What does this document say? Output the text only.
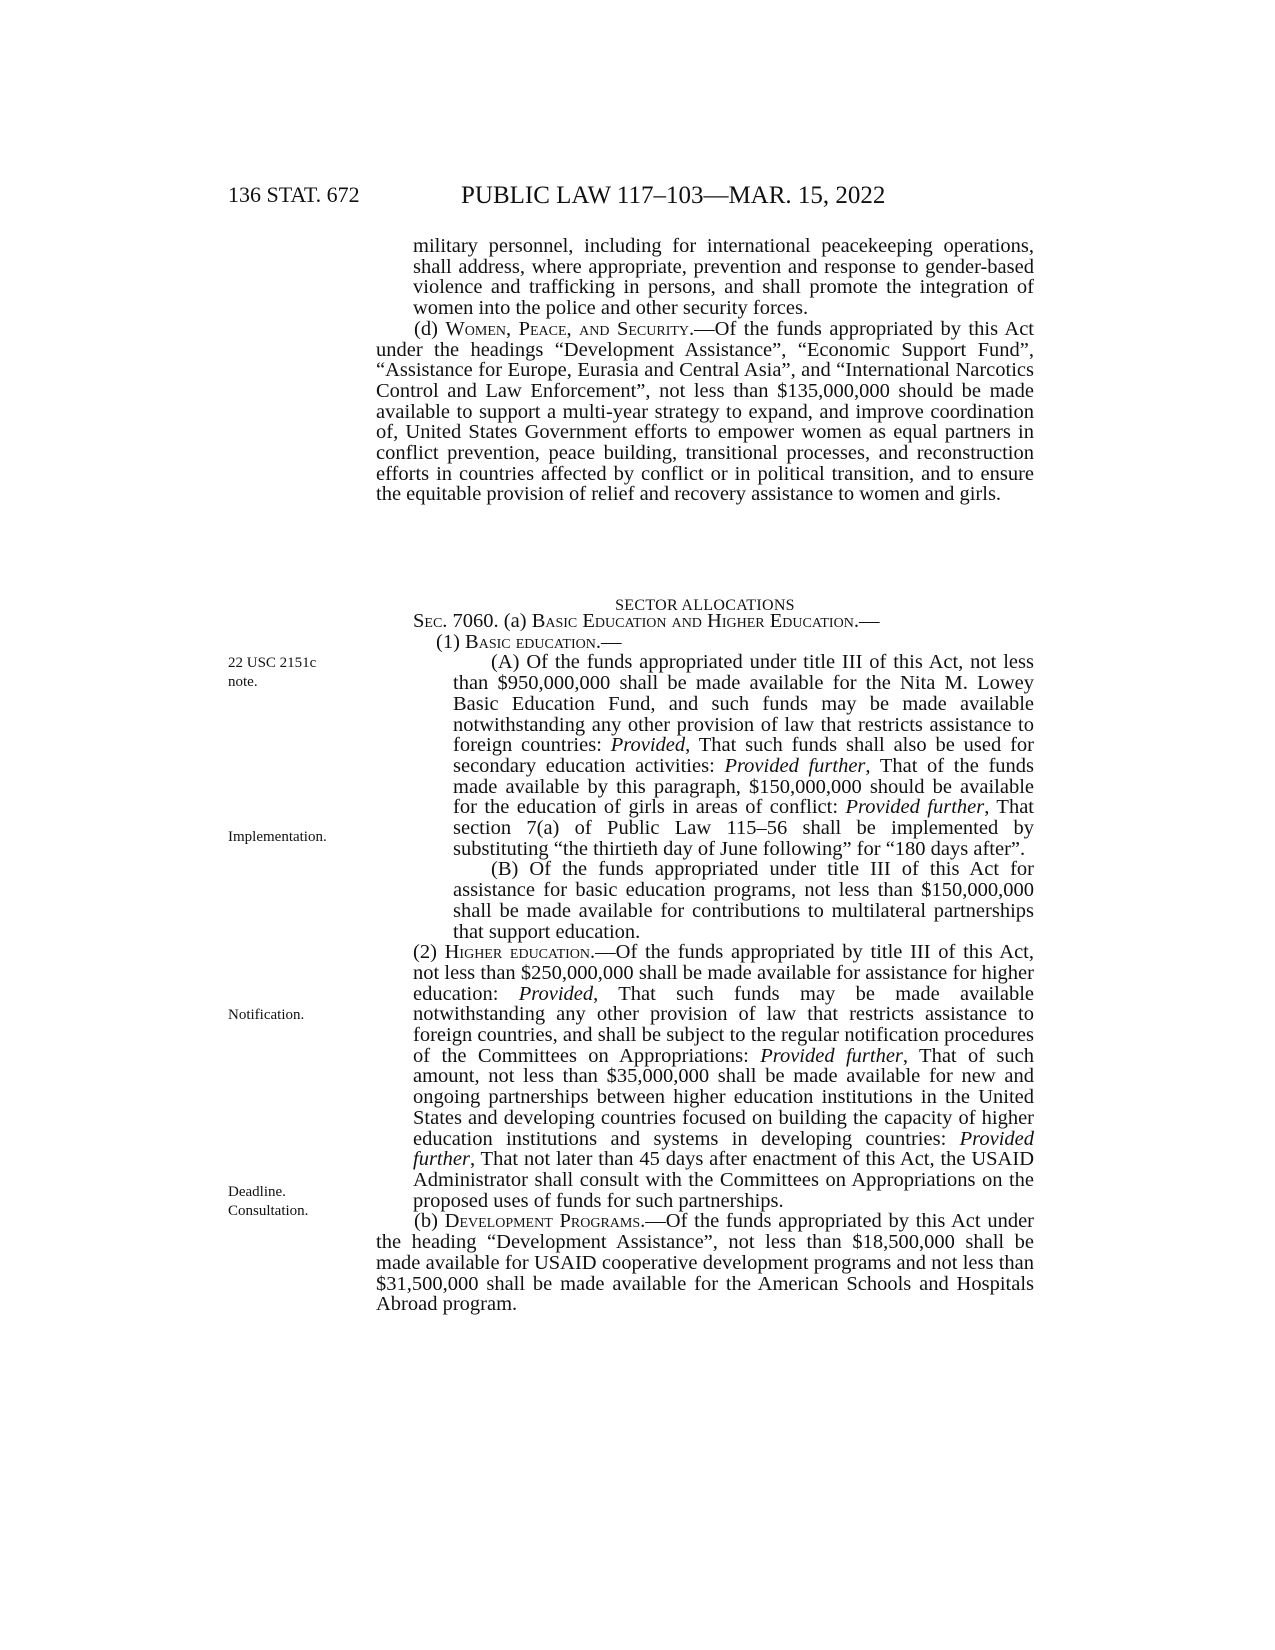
136 STAT. 672	PUBLIC LAW 117–103—MAR. 15, 2022

military personnel, including for international peacekeeping operations, shall address, where appropriate, prevention and response to gender-based violence and trafficking in persons, and shall promote the integration of women into the police and other security forces.

(d) Women, Peace, and Security.—Of the funds appropriated by this Act under the headings “Development Assistance”, “Economic Support Fund”, “Assistance for Europe, Eurasia and Central Asia”, and “International Narcotics Control and Law Enforcement”, not less than $135,000,000 should be made available to support a multi-year strategy to expand, and improve coordination of, United States Government efforts to empower women as equal partners in conflict prevention, peace building, transitional processes, and reconstruction efforts in countries affected by conflict or in political transition, and to ensure the equitable provision of relief and recovery assistance to women and girls.

SECTOR ALLOCATIONS
22 USC 2151c
note.
Implementation.
Notification.
Deadline.
Consultation.

Sec. 7060. (a) Basic Education and Higher Education.—

(1) Basic education.—

(A) Of the funds appropriated under title III of this Act, not less than $950,000,000 shall be made available for the Nita M. Lowey Basic Education Fund, and such funds may be made available notwithstanding any other provision of law that restricts assistance to foreign countries: Provided, That such funds shall also be used for secondary education activities: Provided further, That of the funds made available by this paragraph, $150,000,000 should be available for the education of girls in areas of conflict: Provided further, That section 7(a) of Public Law 115–56 shall be implemented by substituting “the thirtieth day of June following” for “180 days after”.

(B) Of the funds appropriated under title III of this Act for assistance for basic education programs, not less than $150,000,000 shall be made available for contributions to multilateral partnerships that support education.

(2) Higher education.—Of the funds appropriated by title III of this Act, not less than $250,000,000 shall be made available for assistance for higher education: Provided, That such funds may be made available notwithstanding any other provision of law that restricts assistance to foreign countries, and shall be subject to the regular notification procedures of the Committees on Appropriations: Provided further, That of such amount, not less than $35,000,000 shall be made available for new and ongoing partnerships between higher education institutions in the United States and developing countries focused on building the capacity of higher education institutions and systems in developing countries: Provided further, That not later than 45 days after enactment of this Act, the USAID Administrator shall consult with the Committees on Appropriations on the proposed uses of funds for such partnerships.

(b) Development Programs.—Of the funds appropriated by this Act under the heading “Development Assistance”, not less than $18,500,000 shall be made available for USAID cooperative development programs and not less than $31,500,000 shall be made available for the American Schools and Hospitals Abroad program.
